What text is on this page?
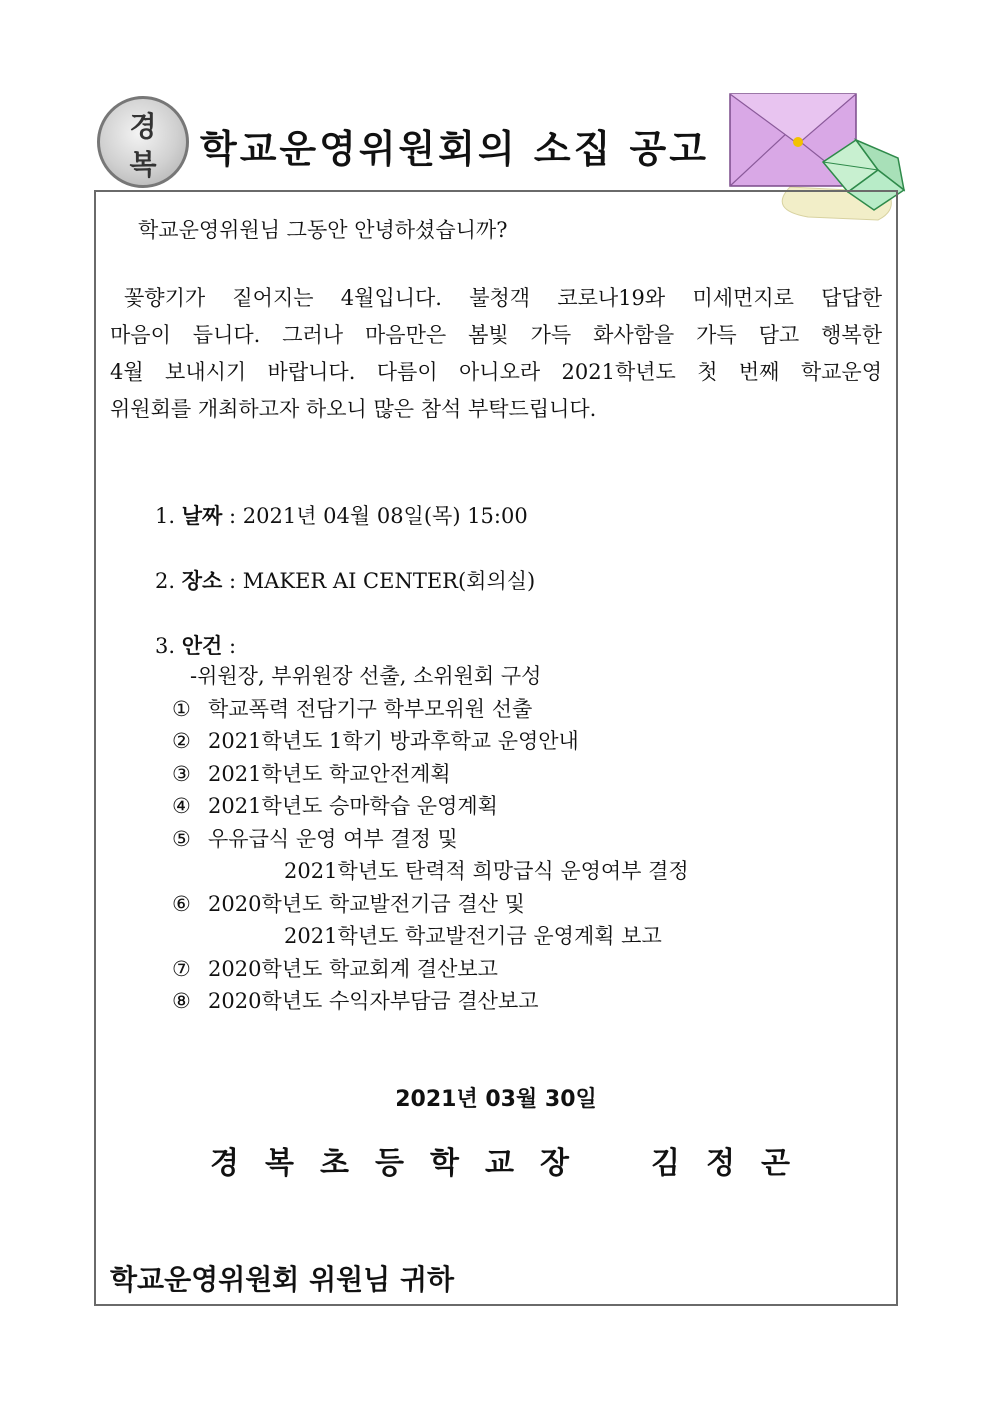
경
복	학교운영위원회의 소집 공고
학교운영위원님 그동안 안녕하셨습니까?
꽃향기가 짙어지는 4월입니다. 불청객 코로나19와 미세먼지로 답답한
마음이 듭니다. 그러나 마음만은 봄빛 가득 화사함을 가득 담고 행복한
4월 보내시기 바랍니다. 다름이 아니오라 2021학년도 첫 번째 학교운영
위원회를 개최하고자 하오니 많은 참석 부탁드립니다.
1. 날짜 : 2021년 04월 08일(목) 15:00
2. 장소 : MAKER AI CENTER(회의실)
3. 안건 :
-위원장, 부위원장 선출, 소위원회 구성
① 학교폭력 전담기구 학부모위원 선출
② 2021학년도 1학기 방과후학교 운영안내
③ 2021학년도 학교안전계획
④ 2021학년도 승마학습 운영계획
⑤ 우유급식 운영 여부 결정 및
2021학년도 탄력적 희망급식 운영여부 결정
⑥ 2020학년도 학교발전기금 결산 및
2021학년도 학교발전기금 운영계획 보고
⑦ 2020학년도 학교회계 결산보고
⑧ 2020학년도 수익자부담금 결산보고
2021년 03월 30일
경 복 초 등 학 교 장	김 정 곤
학교운영위원회 위원님 귀하
